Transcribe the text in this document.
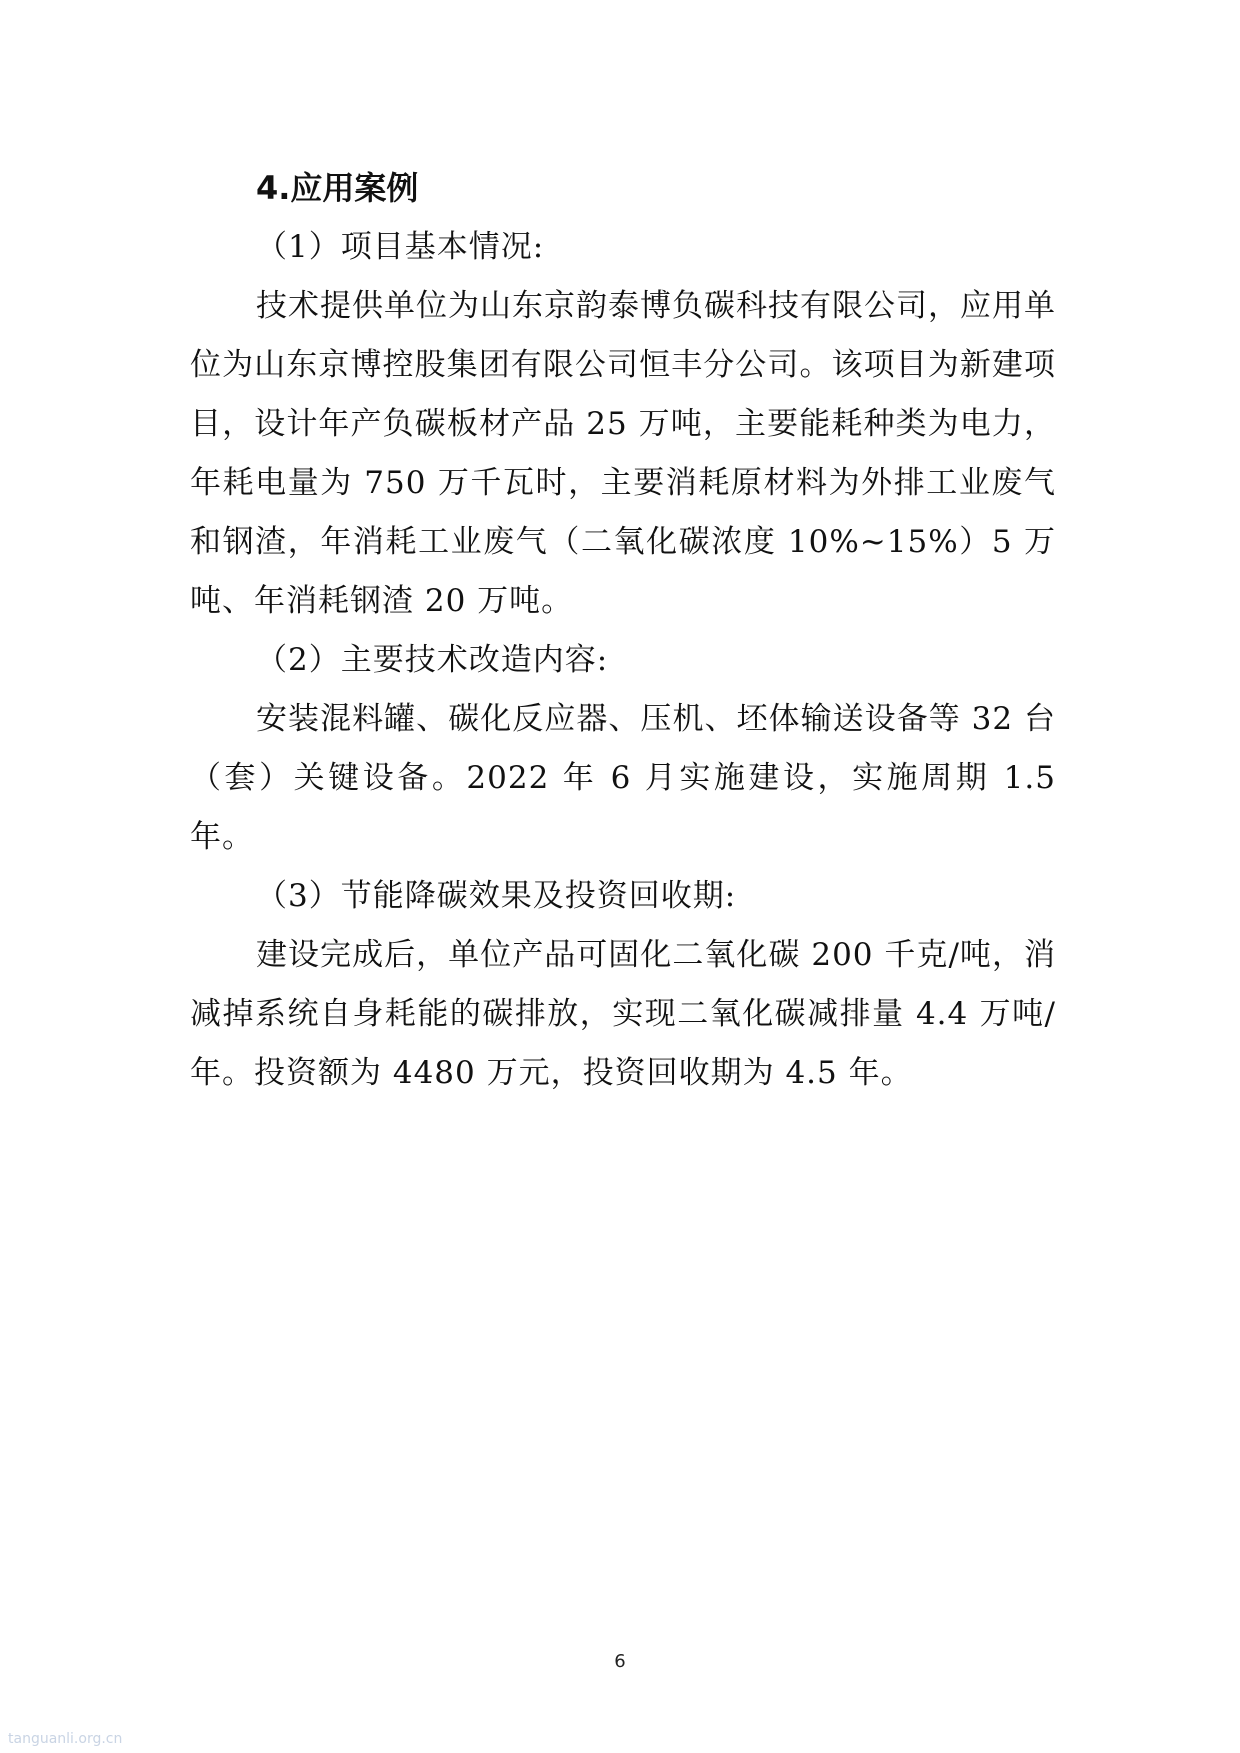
4.应用案例

（1）项目基本情况:

技术提供单位为山东京韵泰博负碳科技有限公司，应用单位为山东京博控股集团有限公司恒丰分公司。该项目为新建项目，设计年产负碳板材产品 25 万吨，主要能耗种类为电力，年耗电量为 750 万千瓦时，主要消耗原材料为外排工业废气和钢渣，年消耗工业废气（二氧化碳浓度 10%~15%）5 万吨、年消耗钢渣 20 万吨。

（2）主要技术改造内容:

安装混料罐、碳化反应器、压机、坯体输送设备等 32 台（套）关键设备。2022 年 6 月实施建设，实施周期 1.5 年。

（3）节能降碳效果及投资回收期:

建设完成后，单位产品可固化二氧化碳 200 千克/吨，消减掉系统自身耗能的碳排放，实现二氧化碳减排量 4.4 万吨/年。投资额为 4480 万元，投资回收期为 4.5 年。

6
tanguanli.org.cn
